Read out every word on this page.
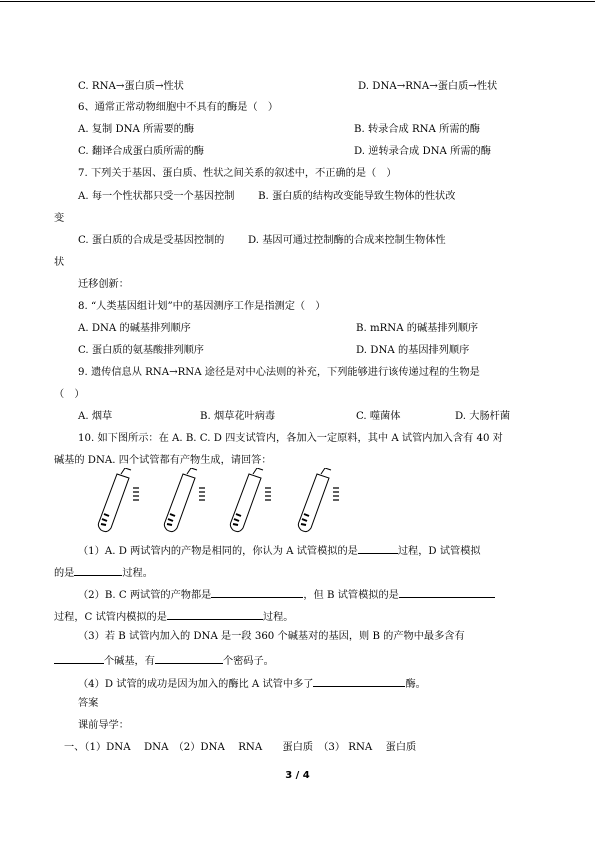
C. RNA→蛋白质→性状	D. DNA→RNA→蛋白质→性状
6、通常正常动物细胞中不具有的酶是（　）
A. 复制 DNA 所需要的酶	B. 转录合成 RNA 所需的酶
C. 翻译合成蛋白质所需的酶	D. 逆转录合成 DNA 所需的酶
7. 下列关于基因、蛋白质、性状之间关系的叙述中，不正确的是（　）
A. 每一个性状都只受一个基因控制　　 B. 蛋白质的结构改变能导致生物体的性状改
变
C. 蛋白质的合成是受基因控制的　　 D. 基因可通过控制酶的合成来控制生物体性
状
迁移创新：
8. “人类基因组计划”中的基因测序工作是指测定（　）
A. DNA 的碱基排列顺序	B. mRNA 的碱基排列顺序
C. 蛋白质的氨基酸排列顺序	D. DNA 的基因排列顺序
9. 遗传信息从 RNA→RNA 途径是对中心法则的补充，下列能够进行该传递过程的生物是
（　）
A. 烟草	B. 烟草花叶病毒	C. 噬菌体	D. 大肠杆菌
10. 如下图所示：在 A. B. C. D 四支试管内，各加入一定原料，其中 A 试管内加入含有 40 对
碱基的 DNA. 四个试管都有产物生成，请回答：
（1）A. D 两试管内的产物是相同的，你认为 A 试管模拟的是	过程，D 试管模拟
的是	过程。
（2）B. C 两试管的产物都是	，但 B 试管模拟的是
过程，C 试管内模拟的是	过程。
（3）若 B 试管内加入的 DNA 是一段 360 个碱基对的基因，则 B 的产物中最多含有
个碱基，有	个密码子。
（4）D 试管的成功是因为加入的酶比 A 试管中多了	酶。
答案
课前导学：
一、（1）DNA　 DNA　（2）DNA　 RNA　　蛋白质　（3） RNA　 蛋白质
3 / 4
